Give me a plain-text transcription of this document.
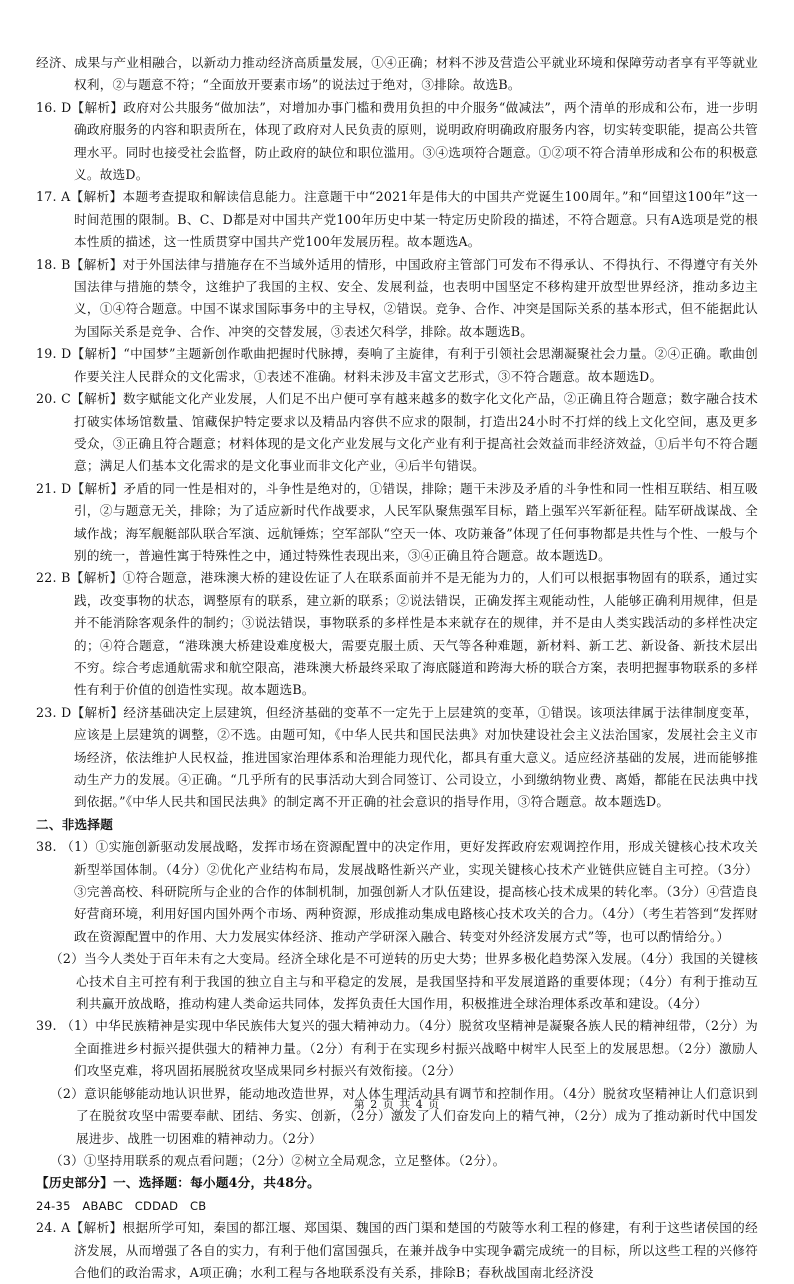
经济、成果与产业相融合，以新动力推动经济高质量发展，①④正确；材料不涉及营造公平就业环境和保障劳动者享有平等就业权利，②与题意不符；“全面放开要素市场”的说法过于绝对，③排除。故选B。

16. D【解析】政府对公共服务“做加法”，对增加办事门槛和费用负担的中介服务“做减法”，两个清单的形成和公布，进一步明确政府服务的内容和职责所在，体现了政府对人民负责的原则，说明政府明确政府服务内容，切实转变职能，提高公共管理水平。同时也接受社会监督，防止政府的缺位和职位滥用。③④选项符合题意。①②项不符合清单形成和公布的积极意义。故选D。

17. A【解析】本题考查提取和解读信息能力。注意题干中“2021年是伟大的中国共产党诞生100周年。”和“回望这100年”这一时间范围的限制。B、C、D都是对中国共产党100年历史中某一特定历史阶段的描述，不符合题意。只有A选项是党的根本性质的描述，这一性质贯穿中国共产党100年发展历程。故本题选A。

18. B【解析】对于外国法律与措施存在不当域外适用的情形，中国政府主管部门可发布不得承认、不得执行、不得遵守有关外国法律与措施的禁令，这维护了我国的主权、安全、发展利益，也表明中国坚定不移构建开放型世界经济，推动多边主义，①④符合题意。中国不谋求国际事务中的主导权，②错误。竞争、合作、冲突是国际关系的基本形式，但不能据此认为国际关系是竞争、合作、冲突的交替发展，③表述欠科学，排除。故本题选B。

19. D【解析】“中国梦”主题新创作歌曲把握时代脉搏，奏响了主旋律，有利于引领社会思潮凝聚社会力量。②④正确。歌曲创作要关注人民群众的文化需求，①表述不准确。材料未涉及丰富文艺形式，③不符合题意。故本题选D。

20. C【解析】数字赋能文化产业发展，人们足不出户便可享有越来越多的数字化文化产品，②正确且符合题意；数字融合技术打破实体场馆数量、馆藏保护特定要求以及精品内容供不应求的限制，打造出24小时不打烊的线上文化空间，惠及更多受众，③正确且符合题意；材料体现的是文化产业发展与文化产业有利于提高社会效益而非经济效益，①后半句不符合题意；满足人们基本文化需求的是文化事业而非文化产业，④后半句错误。

21. D【解析】矛盾的同一性是相对的，斗争性是绝对的，①错误，排除；题干未涉及矛盾的斗争性和同一性相互联结、相互吸引，②与题意无关，排除；为了适应新时代作战要求，人民军队聚焦强军目标，踏上强军兴军新征程。陆军研战谋战、全域作战；海军舰艇部队联合军演、远航锤炼；空军部队“空天一体、攻防兼备”体现了任何事物都是共性与个性、一般与个别的统一，普遍性寓于特殊性之中，通过特殊性表现出来，③④正确且符合题意。故本题选D。

22. B【解析】①符合题意，港珠澳大桥的建设佐证了人在联系面前并不是无能为力的，人们可以根据事物固有的联系，通过实践，改变事物的状态，调整原有的联系，建立新的联系；②说法错误，正确发挥主观能动性，人能够正确利用规律，但是并不能消除客观条件的制约；③说法错误，事物联系的多样性是本来就存在的规律，并不是由人类实践活动的多样性决定的；④符合题意，“港珠澳大桥建设难度极大，需要克服土质、天气等各种难题，新材料、新工艺、新设备、新技术层出不穷。综合考虑通航需求和航空限高，港珠澳大桥最终采取了海底隧道和跨海大桥的联合方案，表明把握事物联系的多样性有利于价值的创造性实现。故本题选B。

23. D【解析】经济基础决定上层建筑，但经济基础的变革不一定先于上层建筑的变革，①错误。该项法律属于法律制度变革，应该是上层建筑的调整，②不选。由题可知，《中华人民共和国民法典》对加快建设社会主义法治国家，发展社会主义市场经济，依法维护人民权益，推进国家治理体系和治理能力现代化，都具有重大意义。适应经济基础的发展，进而能够推动生产力的发展。④正确。“几乎所有的民事活动大到合同签订、公司设立，小到缴纳物业费、离婚，都能在民法典中找到依据。”《中华人民共和国民法典》的制定离不开正确的社会意识的指导作用，③符合题意。故本题选D。

二、非选择题

38. （1）①实施创新驱动发展战略，发挥市场在资源配置中的决定作用，更好发挥政府宏观调控作用，形成关键核心技术攻关新型举国体制。（4分）②优化产业结构布局，发展战略性新兴产业，实现关键核心技术产业链供应链自主可控。（3分）③完善高校、科研院所与企业的合作的体制机制，加强创新人才队伍建设，提高核心技术成果的转化率。（3分）④营造良好营商环境，利用好国内国外两个市场、两种资源，形成推动集成电路核心技术攻关的合力。（4分）（考生若答到“发挥财政在资源配置中的作用、大力发展实体经济、推动产学研深入融合、转变对外经济发展方式”等，也可以酌情给分。）

（2）当今人类处于百年未有之大变局。经济全球化是不可逆转的历史大势；世界多极化趋势深入发展。（4分）我国的关键核心技术自主可控有利于我国的独立自主与和平稳定的发展，是我国坚持和平发展道路的重要体现；（4分）有利于推动互利共赢开放战略，推动构建人类命运共同体，发挥负责任大国作用，积极推进全球治理体系改革和建设。（4分）

39. （1）中华民族精神是实现中华民族伟大复兴的强大精神动力。（4分）脱贫攻坚精神是凝聚各族人民的精神纽带，（2分）为全面推进乡村振兴提供强大的精神力量。（2分）有利于在实现乡村振兴战略中树牢人民至上的发展思想。（2分）激励人们攻坚克难，将巩固拓展脱贫攻坚成果同乡村振兴有效衔接。（2分）

（2）意识能够能动地认识世界，能动地改造世界，对人体生理活动具有调节和控制作用。（4分）脱贫攻坚精神让人们意识到了在脱贫攻坚中需要奉献、团结、务实、创新，（2分）激发了人们奋发向上的精气神，（2分）成为了推动新时代中国发展进步、战胜一切困难的精神动力。（2分）

（3）①坚持用联系的观点看问题；（2分）②树立全局观念，立足整体。（2分）。

【历史部分】一、选择题：每小题4分，共48分。

24-35　ABABC　CDDAD　CB

24. A【解析】根据所学可知，秦国的都江堰、郑国渠、魏国的西门渠和楚国的芍陂等水利工程的修建，有利于这些诸侯国的经济发展，从而增强了各自的实力，有利于他们富国强兵，在兼并战争中实现争霸完成统一的目标，所以这些工程的兴修符合他们的政治需求，A项正确；水利工程与各地联系没有关系，排除B；春秋战国南北经济没

第 2 页 共 4 页
